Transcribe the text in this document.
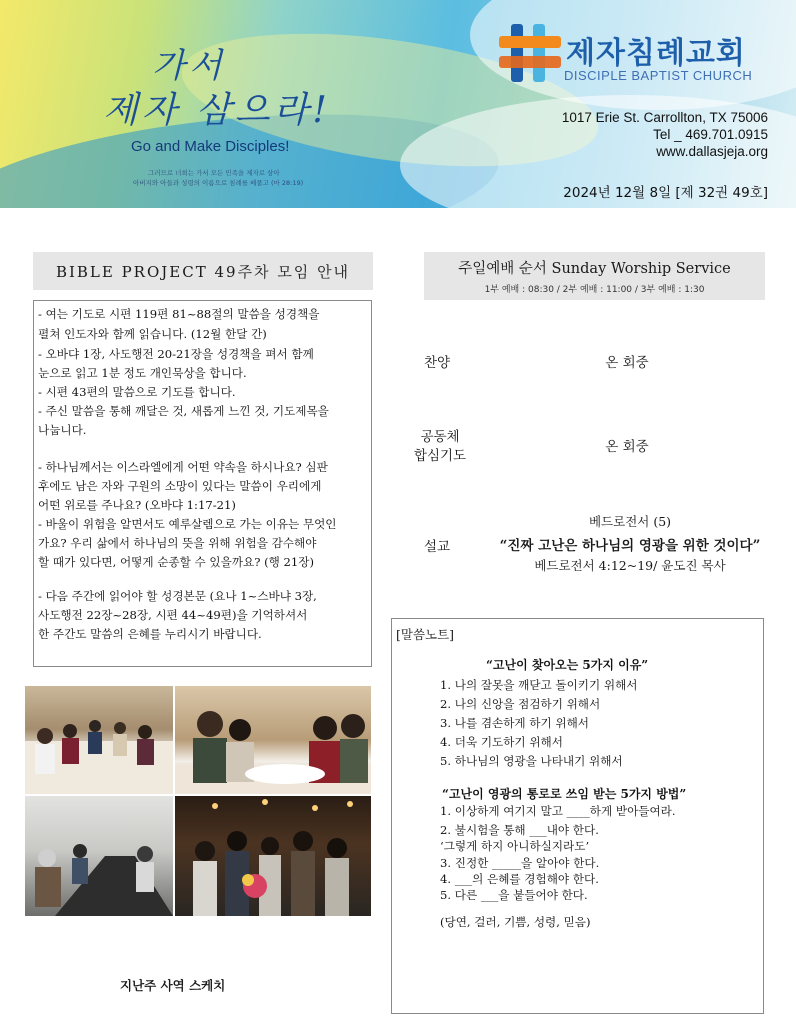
가서
제자 삼으라!
Go and Make Disciples!
그러므로 너희는 가서 모든 민족을 제자로 삼아
아버지와 아들과 성령의 이름으로 침례를 베풀고 (마 28:19)
제자침례교회
DISCIPLE BAPTIST CHURCH
1017 Erie St. Carrollton, TX 75006
Tel _ 469.701.0915
www.dallasjeja.org
2024년 12월 8일 [제 32권 49호]
BIBLE PROJECT 49주차 모임 안내
- 여는 기도로 시편 119편 81~88절의 말씀을 성경책을
펼쳐 인도자와 함께 읽습니다. (12월 한달 간)
- 오바댜 1장, 사도행전 20-21장을 성경책을 펴서 함께
눈으로 읽고 1분 정도 개인묵상을 합니다.
- 시편 43편의 말씀으로 기도를 합니다.
- 주신 말씀을 통해 깨달은 것, 새롭게 느낀 것, 기도제목을
나눕니다.
- 하나님께서는 이스라엘에게 어떤 약속을 하시나요? 심판
후에도 남은 자와 구원의 소망이 있다는 말씀이 우리에게
어떤 위로를 주나요? (오바댜 1:17-21)
- 바울이 위험을 알면서도 예루살렘으로 가는 이유는 무엇인
가요? 우리 삶에서 하나님의 뜻을 위해 위험을 감수해야
할 때가 있다면, 어떻게 순종할 수 있을까요? (행 21장)
- 다음 주간에 읽어야 할 성경본문 (요나 1~스바냐 3장,
사도행전 22장~28장, 시편 44~49편)을 기억하셔서
한 주간도 말씀의 은혜를 누리시기 바랍니다.
지난주 사역 스케치
주일예배 순서 Sunday Worship Service
1부 예배 : 08:30 / 2부 예배 : 11:00 / 3부 예배 : 1:30
찬양	온 회중
공동체
합심기도
온 회중
설교
베드로전서 (5)
“진짜 고난은 하나님의 영광을 위한 것이다”
베드로전서 4:12~19/ 윤도진 목사
[말씀노트]
“고난이 찾아오는 5가지 이유”
1. 나의 잘못을 깨닫고 돌이키기 위해서
2. 나의 신앙을 점검하기 위해서
3. 나를 겸손하게 하기 위해서
4. 더욱 기도하기 위해서
5. 하나님의 영광을 나타내기 위해서
“고난이 영광의 통로로 쓰임 받는 5가지 방법”
1. 이상하게 여기지 말고 ____하게 받아들여라.
2. 불시험을 통해 ___내야 한다.
‘그렇게 하지 아니하실지라도’
3. 진정한 _____을 알아야 한다.
4. ___의 은혜를 경험해야 한다.
5. 다른 ___을 붙들어야 한다.
(당연, 걸러, 기쁨, 성령, 믿음)
